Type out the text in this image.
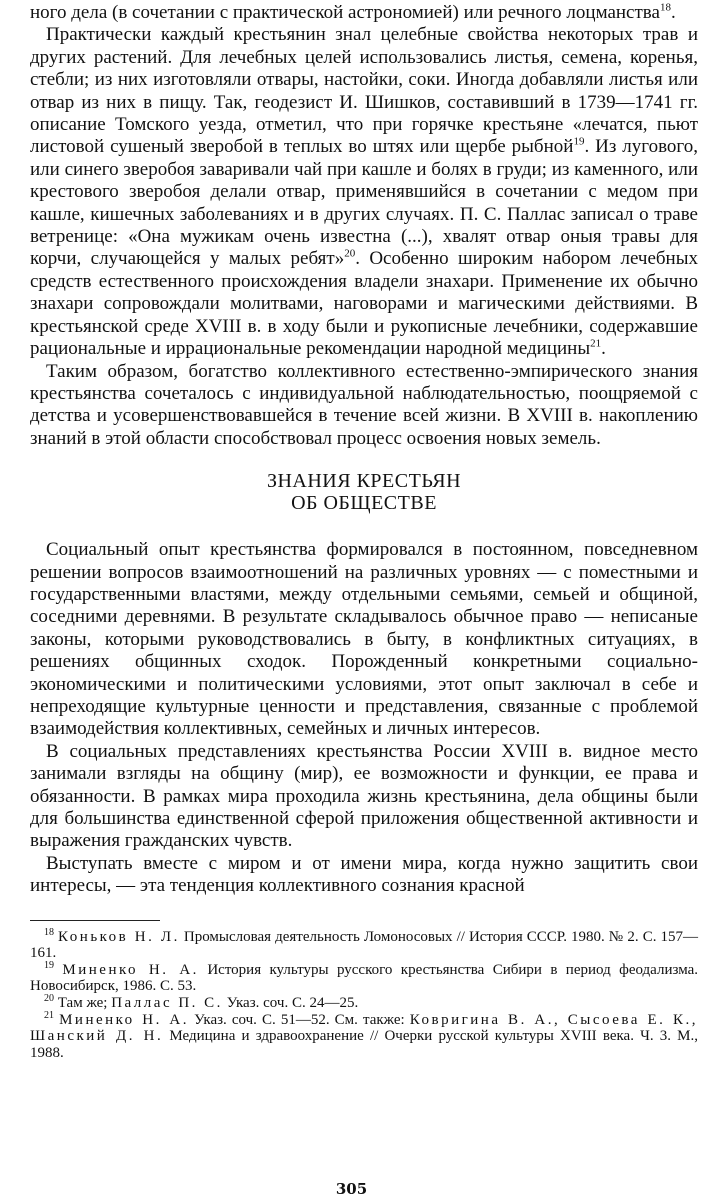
ного дела (в сочетании с практической астрономией) или речного лоцманства$^{18}$.

Практически каждый крестьянин знал целебные свойства некоторых трав и других растений. Для лечебных целей использовались листья, семена, коренья, стебли; из них изготовляли отвары, настойки, соки. Иногда добавляли листья или отвар из них в пищу. Так, геодезист И. Шишков, составивший в 1739—1741 гг. описание Томского уезда, отметил, что при горячке крестьяне «лечатся, пьют листовой сушеный зверобой в теплых во штях или щербе рыбной$^{19}$. Из лугового, или синего зверобоя заваривали чай при кашле и болях в груди; из каменного, или крестового зверобоя делали отвар, применявшийся в сочетании с медом при кашле, кишечных заболеваниях и в других случаях. П. С. Паллас записал о траве ветренице: «Она мужикам очень известна (...), хвалят отвар оныя травы для корчи, случающейся у малых ребят»$^{20}$. Особенно широким набором лечебных средств естественного происхождения владели знахари. Применение их обычно знахари сопровождали молитвами, наговорами и магическими действиями. В крестьянской среде XVIII в. в ходу были и рукописные лечебники, содержавшие рациональные и иррациональные рекомендации народной медицины$^{21}$.

Таким образом, богатство коллективного естественно-эмпирического знания крестьянства сочеталось с индивидуальной наблюдательностью, поощряемой с детства и усовершенствовавшейся в течение всей жизни. В XVIII в. накоплению знаний в этой области способствовал процесс освоения новых земель.

ЗНАНИЯ КРЕСТЬЯН
ОБ ОБЩЕСТВЕ

Социальный опыт крестьянства формировался в постоянном, повседневном решении вопросов взаимоотношений на различных уровнях — с поместными и государственными властями, между отдельными семьями, семьей и общиной, соседними деревнями. В результате складывалось обычное право — неписаные законы, которыми руководствовались в быту, в конфликтных ситуациях, в решениях общинных сходок. Порожденный конкретными социально-экономическими и политическими условиями, этот опыт заключал в себе и непреходящие культурные ценности и представления, связанные с проблемой взаимодействия коллективных, семейных и личных интересов.

В социальных представлениях крестьянства России XVIII в. видное место занимали взгляды на общину (мир), ее возможности и функции, ее права и обязанности. В рамках мира проходила жизнь крестьянина, дела общины были для большинства единственной сферой приложения общественной активности и выражения гражданских чувств.

Выступать вместе с миром и от имени мира, когда нужно защитить свои интересы, — эта тенденция коллективного сознания красной

$^{18}$ Коньков Н. Л. Промысловая деятельность Ломоносовых // История СССР. 1980. № 2. С. 157—161.

$^{19}$ Миненко Н. А. История культуры русского крестьянства Сибири в период феодализма. Новосибирск, 1986. С. 53.

$^{20}$ Там же; Паллас П. С. Указ. соч. С. 24—25.

$^{21}$ Миненко Н. А. Указ. соч. С. 51—52. См. также: Ковригина В. А., Сысоева Е. К., Шанский Д. Н. Медицина и здравоохранение // Очерки русской культуры XVIII века. Ч. 3. М., 1988.

305
